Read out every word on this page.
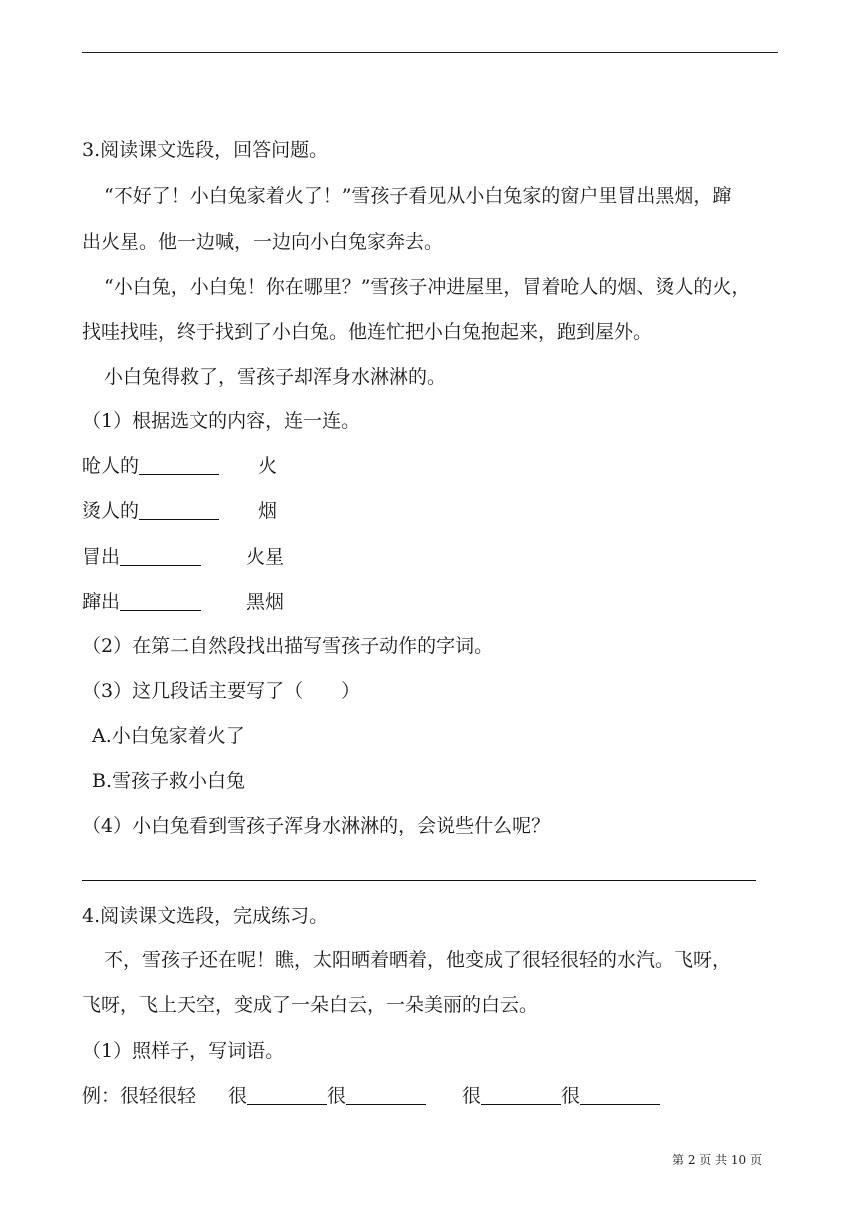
3.阅读课文选段，回答问题。
“不好了！小白兔家着火了！”雪孩子看见从小白兔家的窗户里冒出黑烟，蹿
出火星。他一边喊，一边向小白兔家奔去。
“小白兔，小白兔！你在哪里？”雪孩子冲进屋里，冒着呛人的烟、烫人的火，
找哇找哇，终于找到了小白兔。他连忙把小白兔抱起来，跑到屋外。
小白兔得救了，雪孩子却浑身水淋淋的。
（1）根据选文的内容，连一连。
呛人的	火
烫人的	烟
冒出	火星
蹿出	黑烟
（2）在第二自然段找出描写雪孩子动作的字词。
（3）这几段话主要写了（　　）
A.小白兔家着火了
B.雪孩子救小白兔
（4）小白兔看到雪孩子浑身水淋淋的，会说些什么呢？
4.阅读课文选段，完成练习。
不，雪孩子还在呢！瞧，太阳晒着晒着，他变成了很轻很轻的水汽。飞呀，
飞呀，飞上天空，变成了一朵白云，一朵美丽的白云。
（1）照样子，写词语。
例：很轻很轻 很	很	很	很
第 2 页 共 10 页
